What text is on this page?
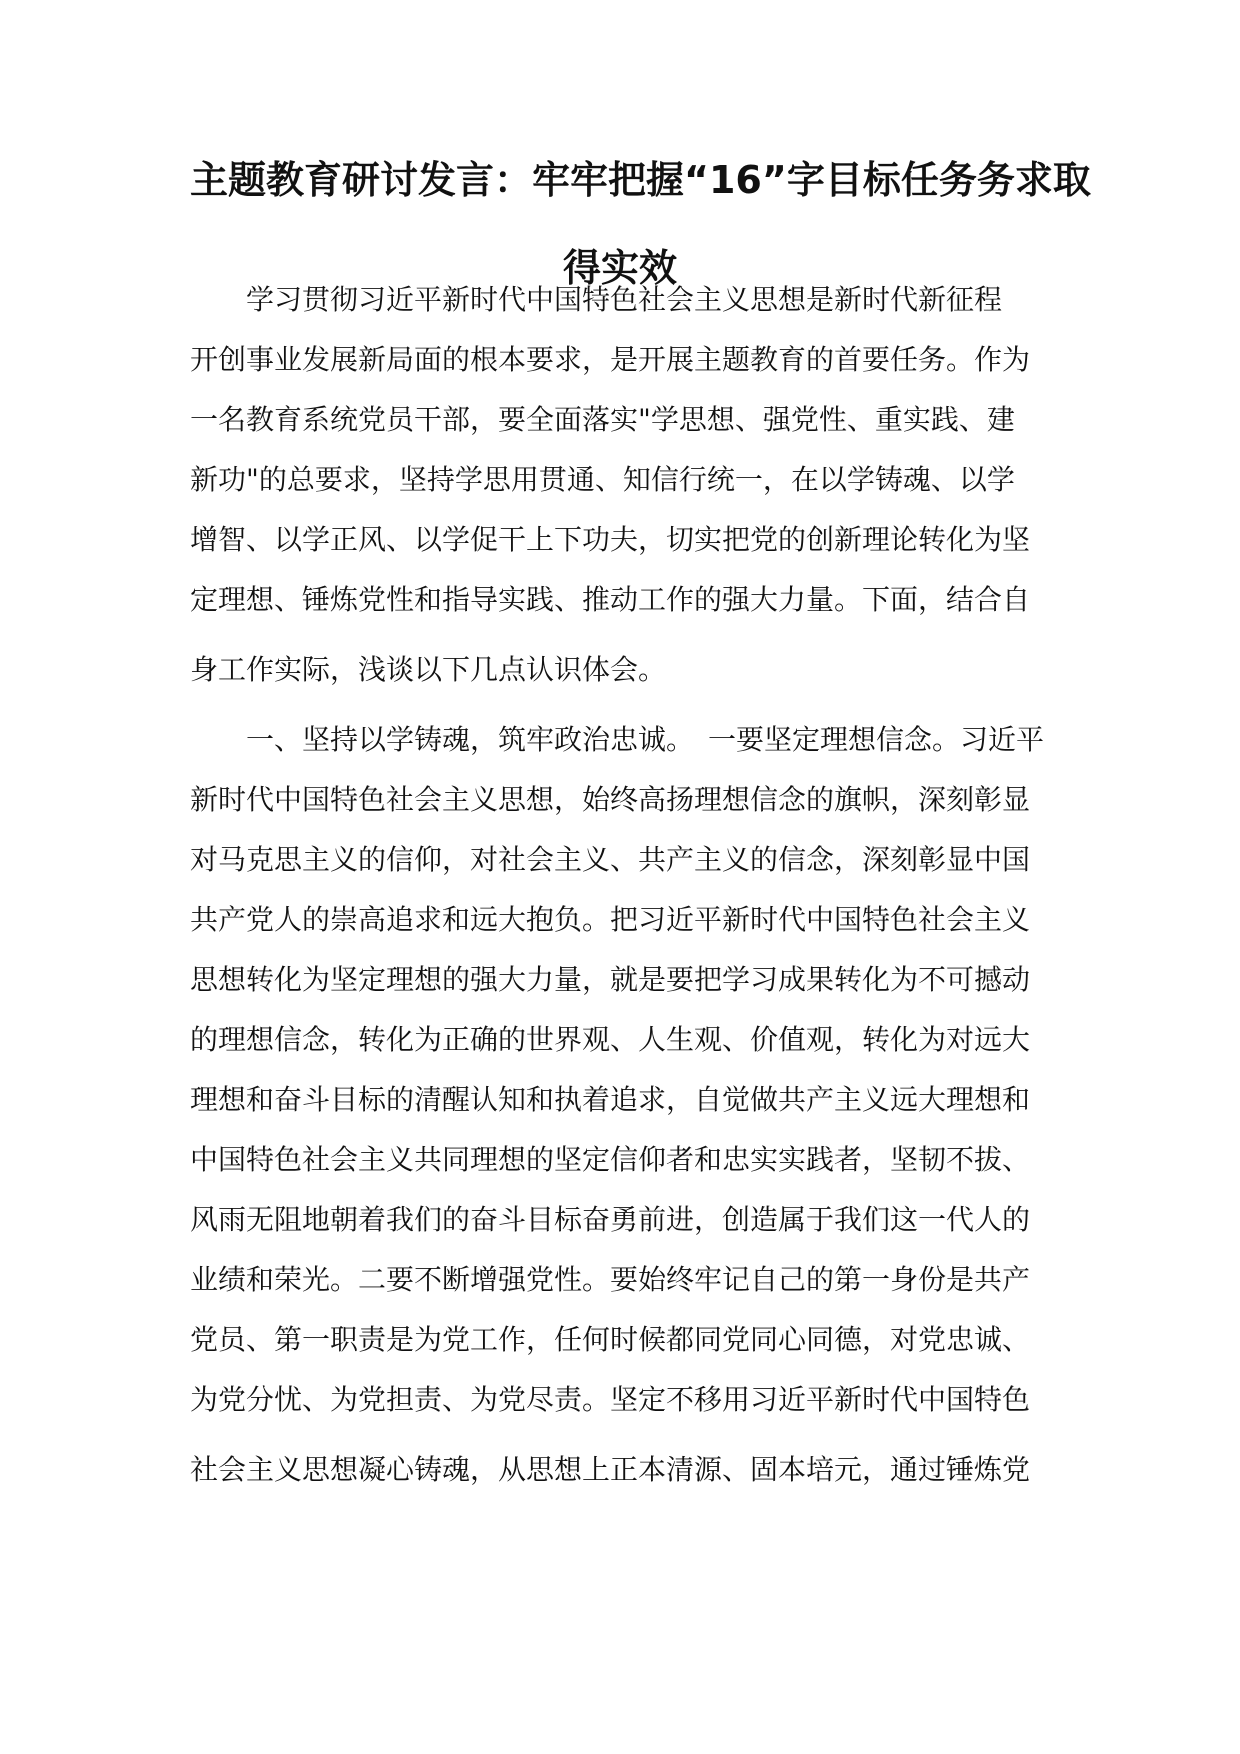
主题教育研讨发言：牢牢把握“16”字目标任务务求取
得实效
　　学习贯彻习近平新时代中国特色社会主义思想是新时代新征程
开创事业发展新局面的根本要求，是开展主题教育的首要任务。作为
一名教育系统党员干部，要全面落实"学思想、强党性、重实践、建
新功"的总要求，坚持学思用贯通、知信行统一，在以学铸魂、以学
增智、以学正风、以学促干上下功夫，切实把党的创新理论转化为坚
定理想、锤炼党性和指导实践、推动工作的强大力量。下面，结合自
身工作实际，浅谈以下几点认识体会。
　　一、坚持以学铸魂，筑牢政治忠诚。　一要坚定理想信念。习近平
新时代中国特色社会主义思想，始终高扬理想信念的旗帜，深刻彰显
对马克思主义的信仰，对社会主义、共产主义的信念，深刻彰显中国
共产党人的崇高追求和远大抱负。把习近平新时代中国特色社会主义
思想转化为坚定理想的强大力量，就是要把学习成果转化为不可撼动
的理想信念，转化为正确的世界观、人生观、价值观，转化为对远大
理想和奋斗目标的清醒认知和执着追求，自觉做共产主义远大理想和
中国特色社会主义共同理想的坚定信仰者和忠实实践者，坚韧不拔、
风雨无阻地朝着我们的奋斗目标奋勇前进，创造属于我们这一代人的
业绩和荣光。二要不断增强党性。要始终牢记自己的第一身份是共产
党员、第一职责是为党工作，任何时候都同党同心同德，对党忠诚、
为党分忧、为党担责、为党尽责。坚定不移用习近平新时代中国特色
社会主义思想凝心铸魂，从思想上正本清源、固本培元，通过锤炼党
